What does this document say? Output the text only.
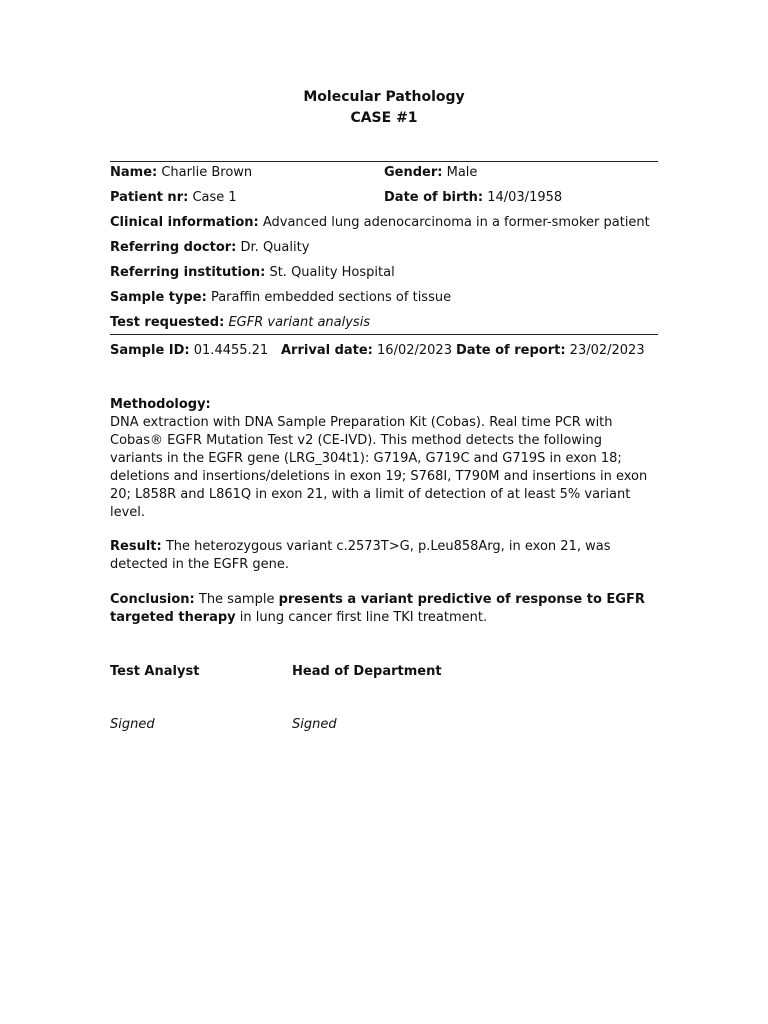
Molecular Pathology
CASE #1
Name: Charlie Brown	Gender: Male
Patient nr: Case 1	Date of birth: 14/03/1958
Clinical information: Advanced lung adenocarcinoma in a former-smoker patient
Referring doctor: Dr. Quality
Referring institution: St. Quality Hospital
Sample type: Paraffin embedded sections of tissue
Test requested: EGFR variant analysis
Sample ID: 01.4455.21 Arrival date: 16/02/2023 Date of report: 23/02/2023
Methodology:
DNA extraction with DNA Sample Preparation Kit (Cobas). Real time PCR with
Cobas® EGFR Mutation Test v2 (CE-IVD). This method detects the following
variants in the EGFR gene (LRG_304t1): G719A, G719C and G719S in exon 18;
deletions and insertions/deletions in exon 19; S768I, T790M and insertions in exon
20; L858R and L861Q in exon 21, with a limit of detection of at least 5% variant
level.
Result: The heterozygous variant c.2573T>G, p.Leu858Arg, in exon 21, was
detected in the EGFR gene.
Conclusion: The sample presents a variant predictive of response to EGFR
targeted therapy in lung cancer first line TKI treatment.
Test Analyst	Head of Department
Signed	Signed
